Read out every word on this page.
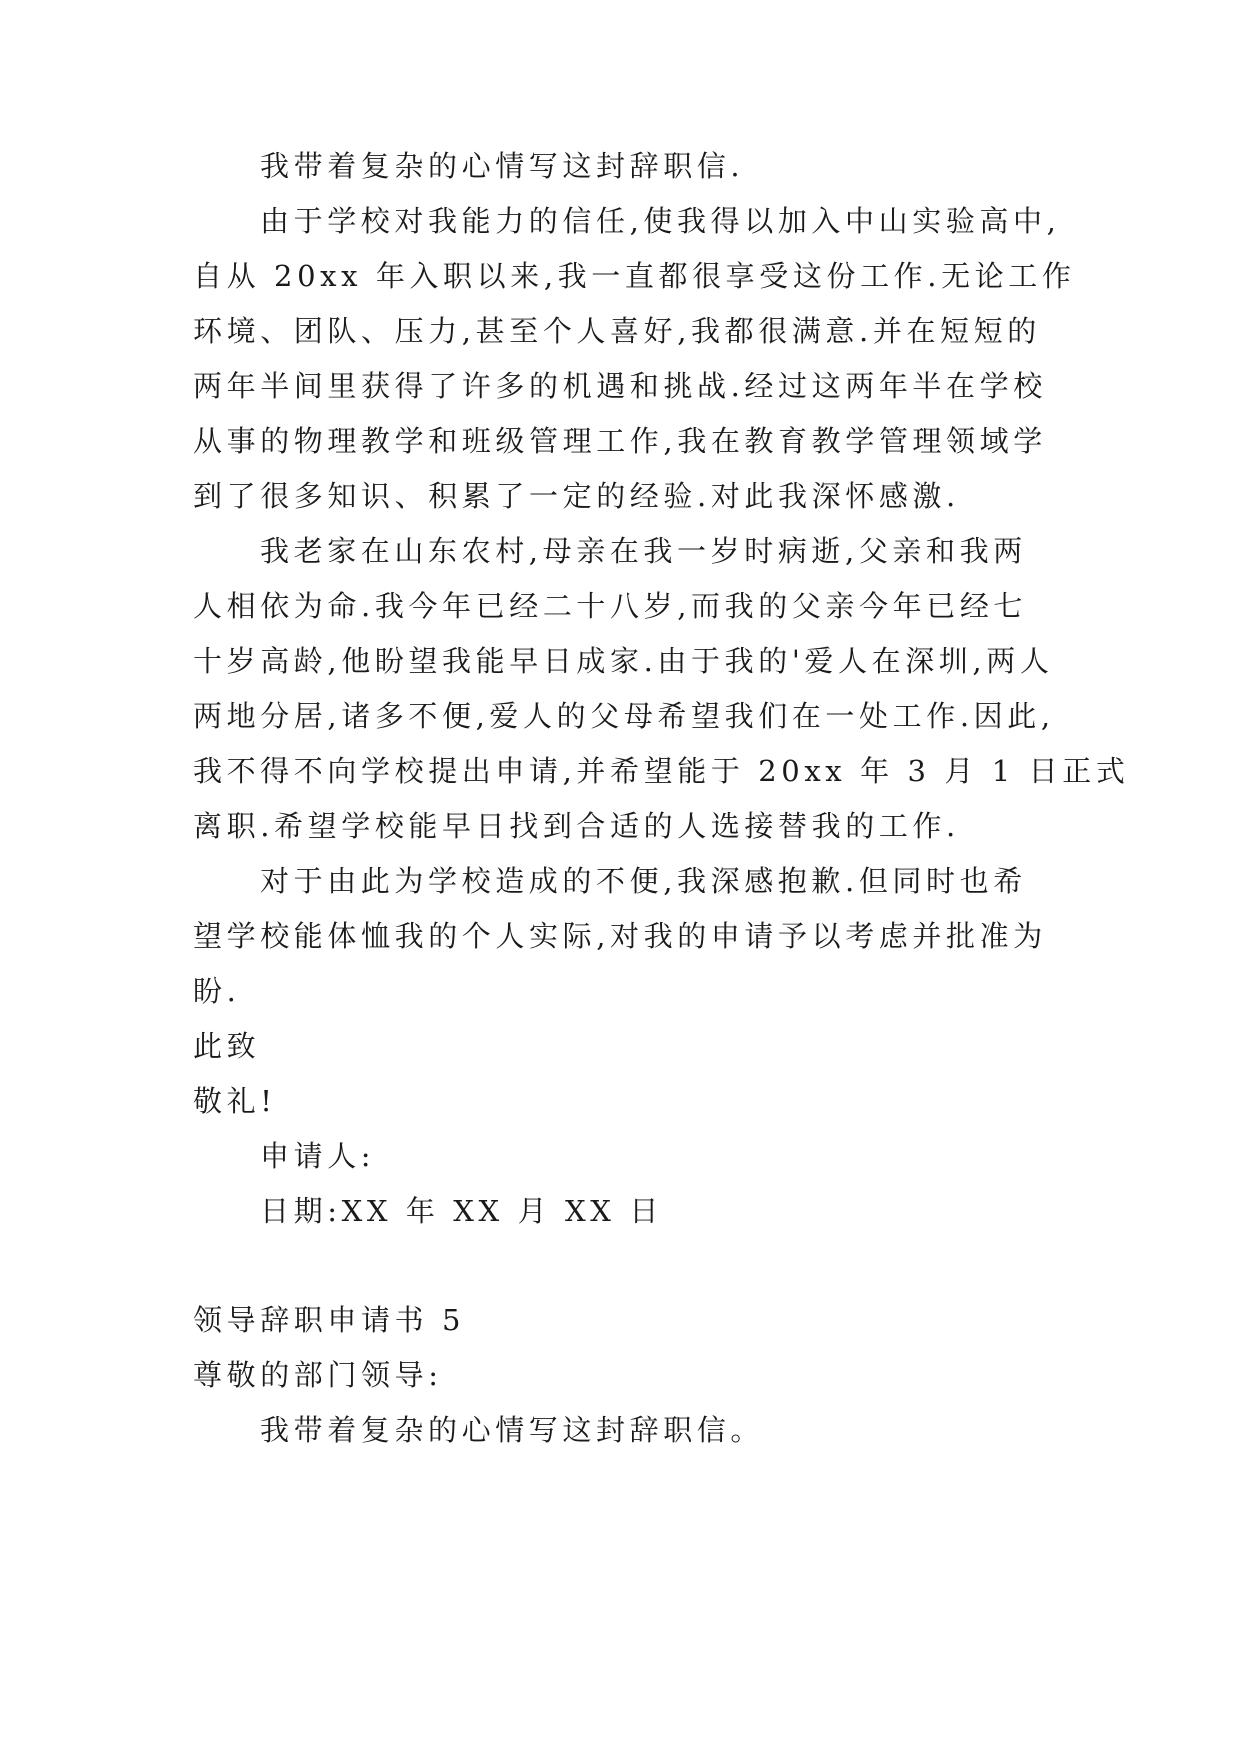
我带着复杂的心情写这封辞职信.

由于学校对我能力的信任,使我得以加入中山实验高中,

自从 20xx 年入职以来,我一直都很享受这份工作.无论工作

环境、团队、压力,甚至个人喜好,我都很满意.并在短短的

两年半间里获得了许多的机遇和挑战.经过这两年半在学校

从事的物理教学和班级管理工作,我在教育教学管理领域学

到了很多知识、积累了一定的经验.对此我深怀感激.

我老家在山东农村,母亲在我一岁时病逝,父亲和我两

人相依为命.我今年已经二十八岁,而我的父亲今年已经七

十岁高龄,他盼望我能早日成家.由于我的'爱人在深圳,两人

两地分居,诸多不便,爱人的父母希望我们在一处工作.因此,

我不得不向学校提出申请,并希望能于 20xx 年 3 月 1 日正式

离职.希望学校能早日找到合适的人选接替我的工作.

对于由此为学校造成的不便,我深感抱歉.但同时也希

望学校能体恤我的个人实际,对我的申请予以考虑并批准为

盼.

此致

敬礼!

申请人:

日期:XX 年 XX 月 XX 日

领导辞职申请书 5

尊敬的部门领导:

我带着复杂的心情写这封辞职信。
